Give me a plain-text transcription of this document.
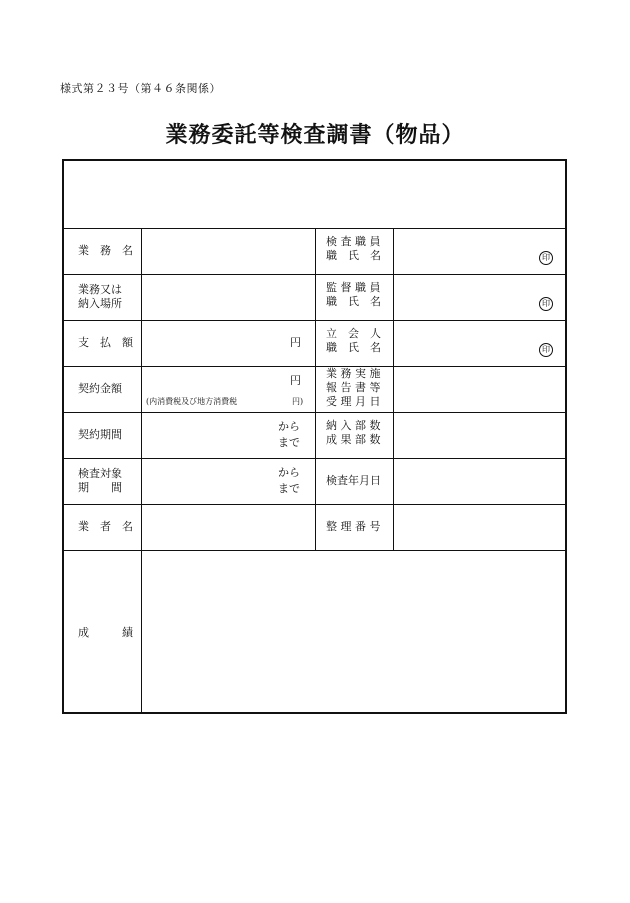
様式第２３号（第４６条関係）
業務委託等検査調書（物品）
業　務　名
業務又は
納入場所
支　払　額
契約金額
契約期間
検査対象
期　　間
業　者　名
成　　　績
円
円
(内消費税及び地方消費税	円)
から
まで
から
まで
検 査 職 員
職　氏　名
監 督 職 員
職　氏　名
立　会　人
職　氏　名
業 務 実 施
報 告 書 等
受 理 月 日
納 入 部 数
成 果 部 数
検査年月日
整 理 番 号
印
印
印
